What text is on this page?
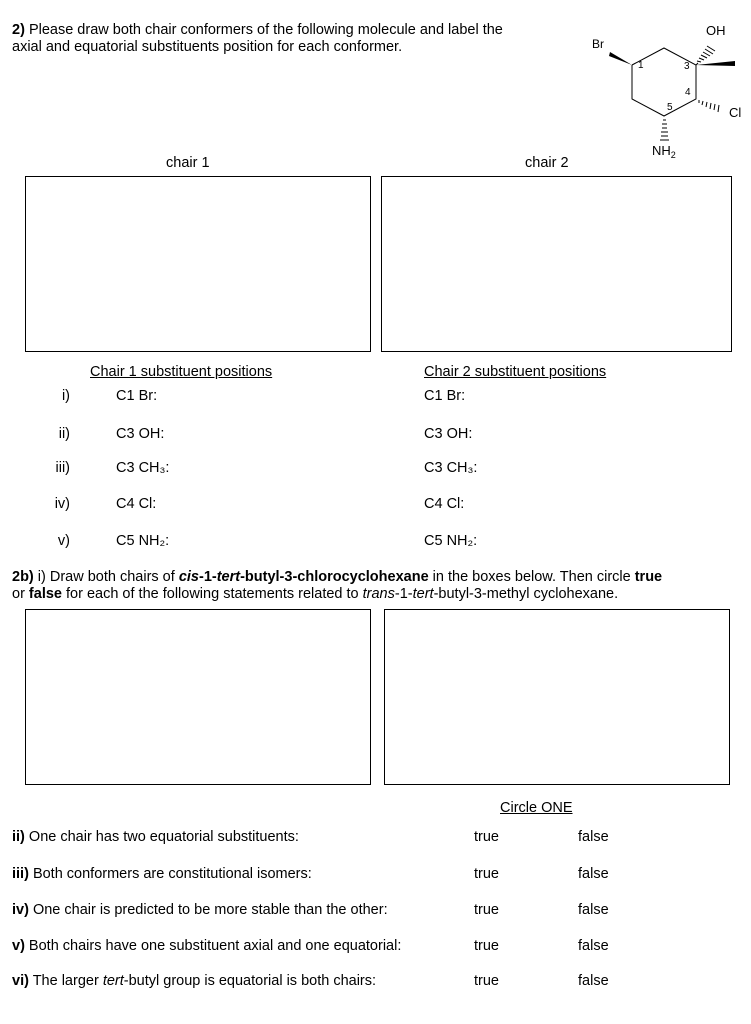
2) Please draw both chair conformers of the following molecule and label the
axial and equatorial substituents position for each conformer.	Br
OH
Cl
$NH_2$
1	3
4
5
chair 1	chair 2
Chair 1 substituent positions	Chair 2 substituent positions
i)	C1 Br:	C1 Br:
ii)	C3 OH:	C3 OH:
iii)	C3 CH₃:	C3 CH₃:
iv)	C4 Cl:	C4 Cl:
v)	C5 NH₂:	C5 NH₂:
2b) i) Draw both chairs of cis-1-tert-butyl-3-chlorocyclohexane in the boxes below. Then circle true
or false for each of the following statements related to trans-1-tert-butyl-3-methyl cyclohexane.
Circle ONE
ii) One chair has two equatorial substituents:	true	false
iii) Both conformers are constitutional isomers:	true	false
iv) One chair is predicted to be more stable than the other:	true	false
v) Both chairs have one substituent axial and one equatorial:	true	false
vi) The larger tert-butyl group is equatorial is both chairs:	true	false
